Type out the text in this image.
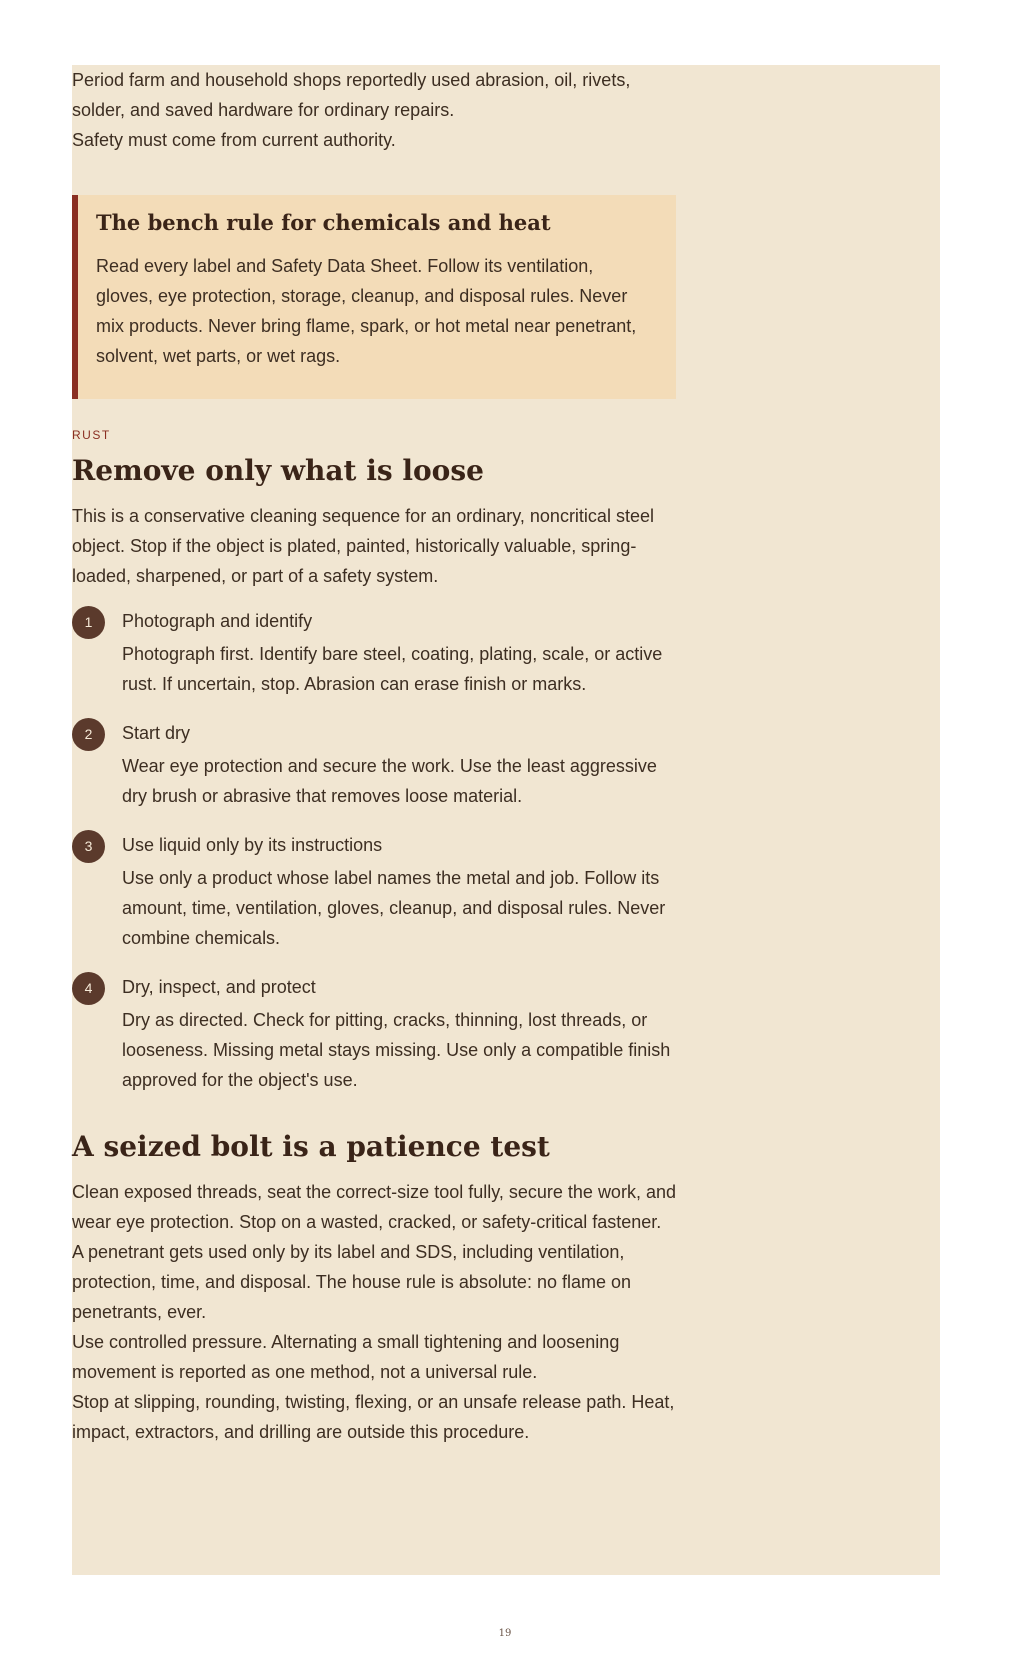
Period farm and household shops reportedly used abrasion, oil, rivets, solder, and saved hardware for ordinary repairs.

Safety must come from current authority.

The bench rule for chemicals and heat

Read every label and Safety Data Sheet. Follow its ventilation, gloves, eye protection, storage, cleanup, and disposal rules. Never mix products. Never bring flame, spark, or hot metal near penetrant, solvent, wet parts, or wet rags.

RUST
Remove only what is loose

This is a conservative cleaning sequence for an ordinary, noncritical steel object. Stop if the object is plated, painted, historically valuable, spring-loaded, sharpened, or part of a safety system.

1	Photograph and identify

Photograph first. Identify bare steel, coating, plating, scale, or active rust. If uncertain, stop. Abrasion can erase finish or marks.

2	Start dry

Wear eye protection and secure the work. Use the least aggressive dry brush or abrasive that removes loose material.

3	Use liquid only by its instructions

Use only a product whose label names the metal and job. Follow its amount, time, ventilation, gloves, cleanup, and disposal rules. Never combine chemicals.

4	Dry, inspect, and protect

Dry as directed. Check for pitting, cracks, thinning, lost threads, or looseness. Missing metal stays missing. Use only a compatible finish approved for the object's use.

A seized bolt is a patience test

Clean exposed threads, seat the correct-size tool fully, secure the work, and wear eye protection. Stop on a wasted, cracked, or safety-critical fastener.

A penetrant gets used only by its label and SDS, including ventilation, protection, time, and disposal. The house rule is absolute: no flame on penetrants, ever.

Use controlled pressure. Alternating a small tightening and loosening movement is reported as one method, not a universal rule.

Stop at slipping, rounding, twisting, flexing, or an unsafe release path. Heat, impact, extractors, and drilling are outside this procedure.

19
